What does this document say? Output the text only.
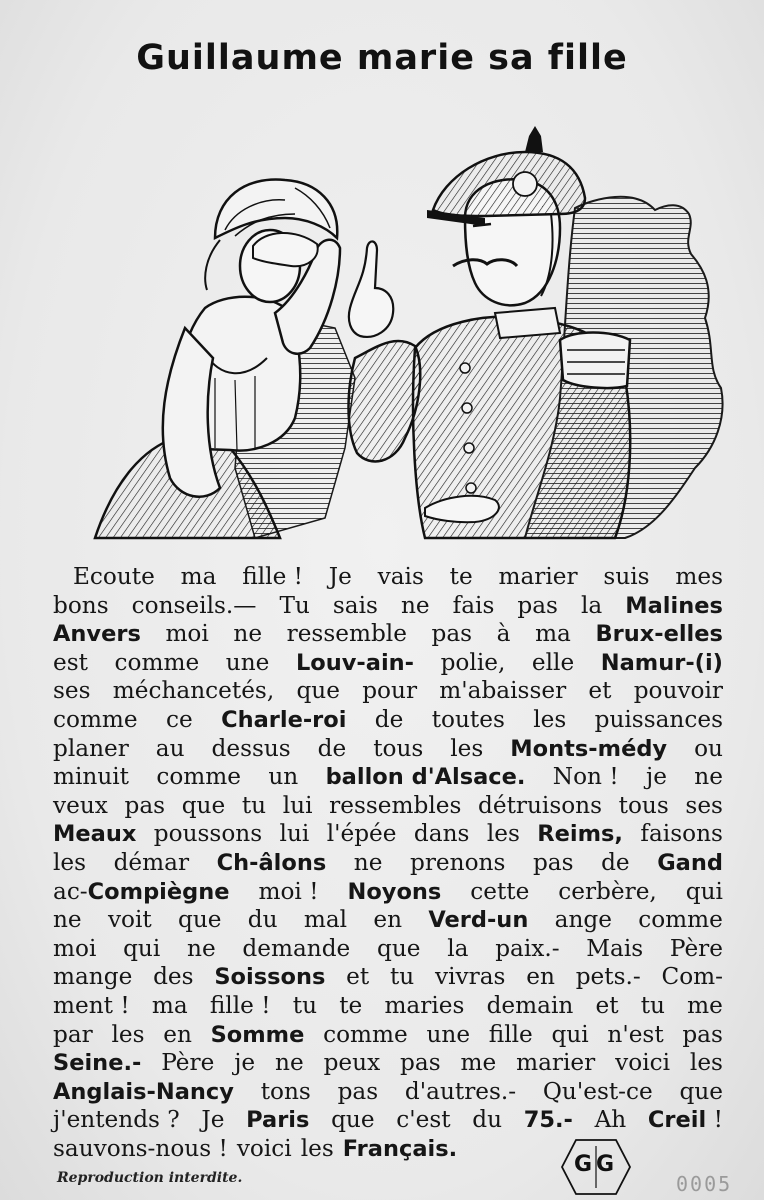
Guillaume marie sa fille
Ecoute ma fille ! Je vais te marier suis mes
bons conseils.— Tu sais ne fais pas la Malines
Anvers moi ne ressemble pas à ma Brux-elles
est comme une Louv-ain- polie, elle Namur-(i)
ses méchancetés, que pour m'abaisser et pouvoir
comme ce Charle-roi de toutes les puissances
planer au dessus de tous les Monts-médy ou
minuit comme un ballon d'Alsace. Non ! je ne
veux pas que tu lui ressembles détruisons tous ses
Meaux poussons lui l'épée dans les Reims, faisons
les démar Ch-âlons ne prenons pas de Gand
ac-Compiègne moi ! Noyons cette cerbère, qui
ne voit que du mal en Verd-un ange comme
moi qui ne demande que la paix.- Mais Père
mange des Soissons et tu vivras en pets.- Com-
ment ! ma fille ! tu te maries demain et tu me
par les en Somme comme une fille qui n'est pas
Seine.- Père je ne peux pas me marier voici les
Anglais-Nancy tons pas d'autres.- Qu'est-ce que
j'entends ? Je Paris que c'est du 75.- Ah Creil !
sauvons-nous ! voici les Français.
Reproduction interdite.
GG
0005
